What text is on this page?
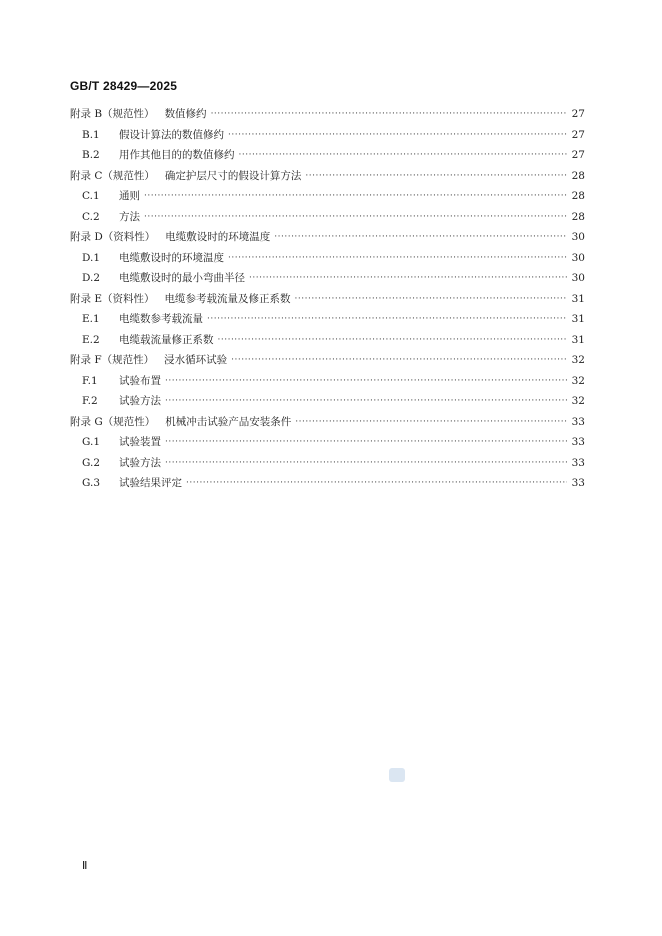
GB/T 28429—2025
附录 B（规范性） 数值修约 ·····	27
B.1	假设计算法的数值修约 ·····	27
B.2	用作其他目的的数值修约 ·····	27
附录 C（规范性） 确定护层尺寸的假设计算方法 ·····	28
C.1	通则 ·····	28
C.2	方法 ·····	28
附录 D（资料性） 电缆敷设时的环境温度 ·····	30
D.1	电缆敷设时的环境温度 ·····	30
D.2	电缆敷设时的最小弯曲半径 ·····	30
附录 E（资料性） 电缆参考载流量及修正系数 ·····	31
E.1	电缆数参考载流量 ·····	31
E.2	电缆载流量修正系数 ·····	31
附录 F（规范性） 浸水循环试验 ·····	32
F.1	试验布置 ·····	32
F.2	试验方法 ·····	32
附录 G（规范性） 机械冲击试验产品安装条件 ·····	33
G.1	试验装置 ·····	33
G.2	试验方法 ·····	33
G.3	试验结果评定 ·····	33
Ⅱ
